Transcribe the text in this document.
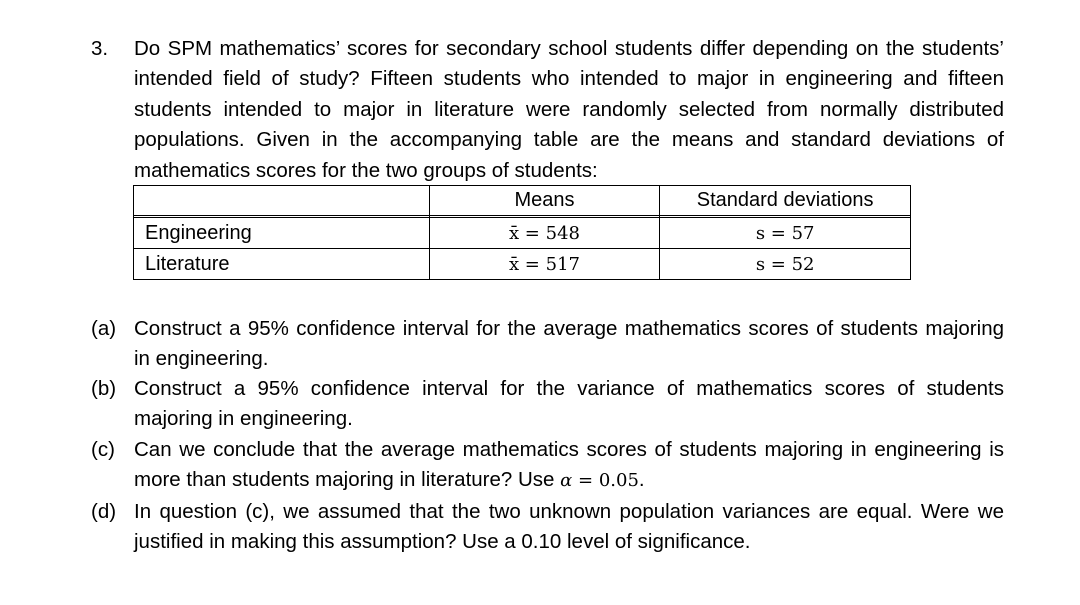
3. Do SPM mathematics’ scores for secondary school students differ depending on the students’ intended field of study? Fifteen students who intended to major in engineering and fifteen students intended to major in literature were randomly selected from normally distributed populations. Given in the accompanying table are the means and standard deviations of mathematics scores for the two groups of students:
	Means	Standard deviations

Engineering	x̄ = 548	s = 57
Literature	x̄ = 517	s = 52
(a) Construct a 95% confidence interval for the average mathematics scores of students majoring in engineering.
(b) Construct a 95% confidence interval for the variance of mathematics scores of students majoring in engineering.
(c) Can we conclude that the average mathematics scores of students majoring in engineering is more than students majoring in literature? Use α = 0.05.
(d) In question (c), we assumed that the two unknown population variances are equal. Were we justified in making this assumption? Use a 0.10 level of significance.
